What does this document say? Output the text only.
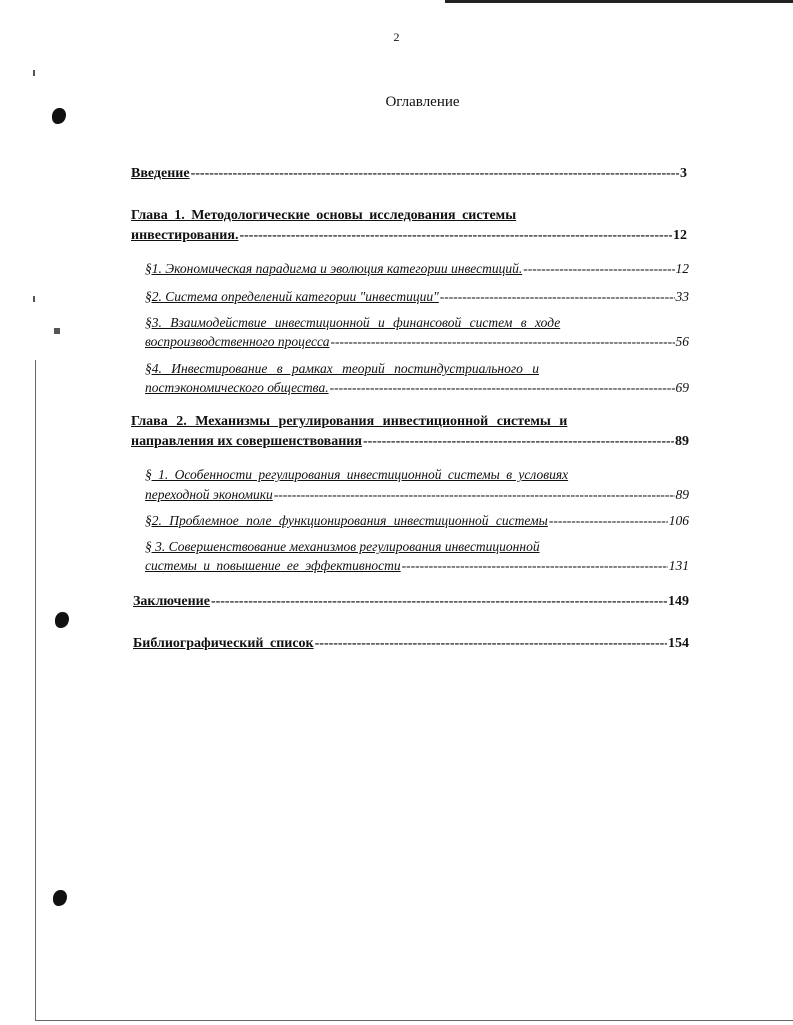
2
Оглавление
Введение -----	3
Глава 1. Методологические основы исследования системы
инвестирования. -----	12
§1. Экономическая парадигма и эволюция категории инвестиций. -----	12
§2. Система определений категории "инвестиции" -----	33
§3. Взаимодействие инвестиционной и финансовой систем в ходе
воспроизводственного процесса -----	56
§4. Инвестирование в рамках теорий постиндустриального и
постэкономического общества. -----	69
Глава 2. Механизмы регулирования инвестиционной системы и
направления их совершенствования -----	89
§ 1. Особенности регулирования инвестиционной системы в условиях
переходной экономики -----	89
§2. Проблемное поле функционирования инвестиционной системы -----	106
§ 3. Совершенствование механизмов регулирования инвестиционной
системы и повышение ее эффективности -----	131
Заключение -----	149
Библиографический список -----	154
